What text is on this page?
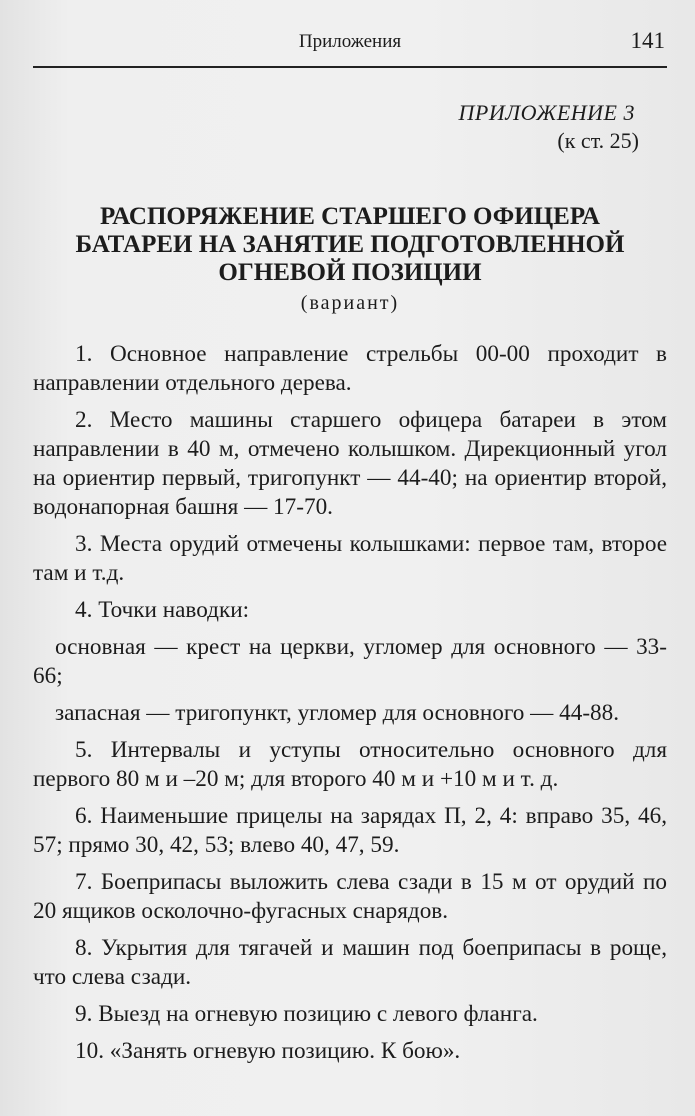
Приложения	141
ПРИЛОЖЕНИЕ 3
(к ст. 25)
РАСПОРЯЖЕНИЕ СТАРШЕГО ОФИЦЕРА
БАТАРЕИ НА ЗАНЯТИЕ ПОДГОТОВЛЕННОЙ
ОГНЕВОЙ ПОЗИЦИИ
(вариант)

1. Основное направление стрельбы 00-00 проходит в направлении отдельного дерева.

2. Место машины старшего офицера батареи в этом направлении в 40 м, отмечено колышком. Дирекционный угол на ориентир первый, тригопункт — 44-40; на ориентир второй, водонапорная башня — 17-70.

3. Места орудий отмечены колышками: первое там, второе там и т.д.

4. Точки наводки:

основная — крест на церкви, угломер для основного — 33-66;

запасная — тригопункт, угломер для основного — 44-88.

5. Интервалы и уступы относительно основного для первого 80 м и –20 м; для второго 40 м и +10 м и т. д.

6. Наименьшие прицелы на зарядах П, 2, 4: вправо 35, 46, 57; прямо 30, 42, 53; влево 40, 47, 59.

7. Боеприпасы выложить слева сзади в 15 м от орудий по 20 ящиков осколочно-фугасных снарядов.

8. Укрытия для тягачей и машин под боеприпасы в роще, что слева сзади.

9. Выезд на огневую позицию с левого фланга.

10. «Занять огневую позицию. К бою».
